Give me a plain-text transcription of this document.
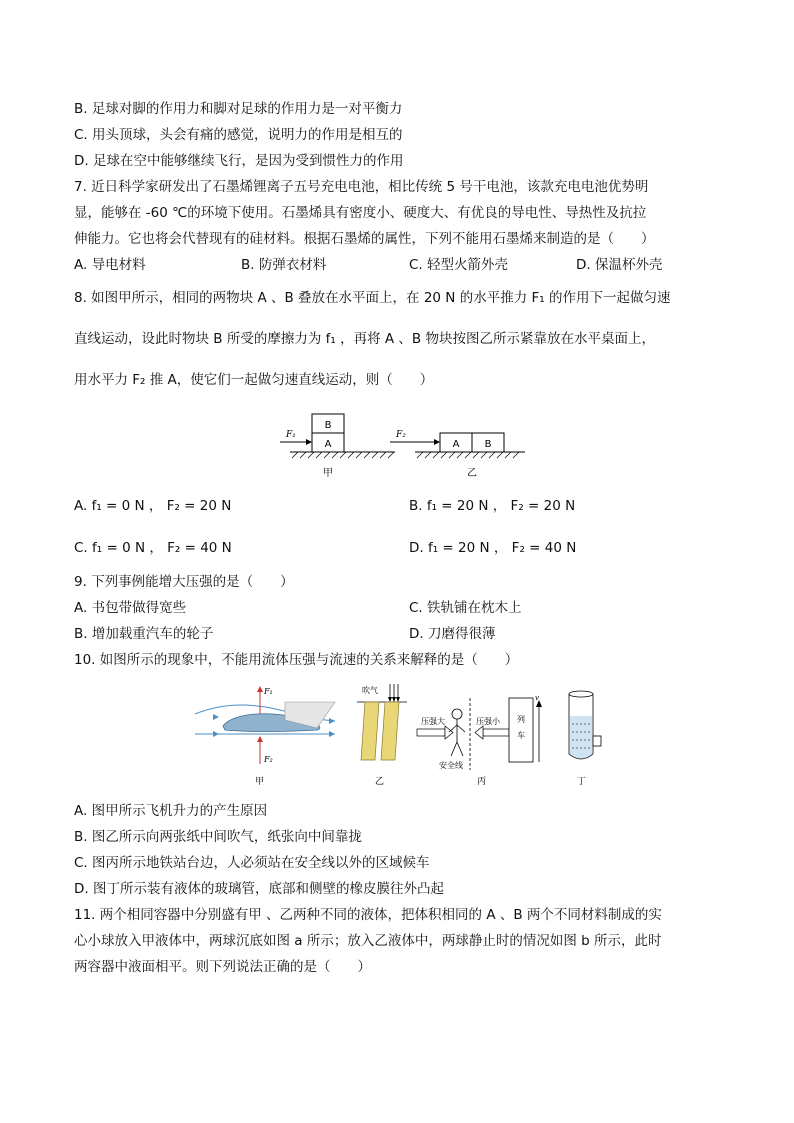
B. 足球对脚的作用力和脚对足球的作用力是一对平衡力
C. 用头顶球，头会有痛的感觉，说明力的作用是相互的
D. 足球在空中能够继续飞行，是因为受到惯性力的作用
7. 近日科学家研发出了石墨烯锂离子五号充电电池，相比传统 5 号干电池，该款充电电池优势明
显，能够在 -60 ℃的环境下使用。石墨烯具有密度小、硬度大、有优良的导电性、导热性及抗拉
伸能力。它也将会代替现有的硅材料。根据石墨烯的属性，下列不能用石墨烯来制造的是（　　）
A. 导电材料	B. 防弹衣材料	C. 轻型火箭外壳	D. 保温杯外壳
8. 如图甲所示，相同的两物块 A 、B 叠放在水平面上，在 20 N 的水平推力 F₁ 的作用下一起做匀速
直线运动，设此时物块 B 所受的摩擦力为 f₁ ，再将 A 、B 物块按图乙所示紧靠放在水平桌面上，
用水平力 F₂ 推 A，使它们一起做匀速直线运动，则（　　）
B
A
F₁
甲
A	B
F₂
乙
A. f₁ = 0 N ， F₂ = 20 N	B. f₁ = 20 N ， F₂ = 20 N
C. f₁ = 0 N ， F₂ = 40 N	D. f₁ = 20 N ， F₂ = 40 N
9. 下列事例能增大压强的是（　　）
A. 书包带做得宽些	C. 铁轨铺在枕木上
B. 增加载重汽车的轮子	D. 刀磨得很薄
10. 如图所示的现象中，不能用流体压强与流速的关系来解释的是（　　）
F₁
F₂
甲
吹气
乙
压强大
安全线
压强小 列
车
v
丙	丁
A. 图甲所示飞机升力的产生原因
B. 图乙所示向两张纸中间吹气，纸张向中间靠拢
C. 图丙所示地铁站台边，人必须站在安全线以外的区域候车
D. 图丁所示装有液体的玻璃管，底部和侧壁的橡皮膜往外凸起
11. 两个相同容器中分别盛有甲 、乙两种不同的液体，把体积相同的 A 、B 两个不同材料制成的实
心小球放入甲液体中，两球沉底如图 a 所示；放入乙液体中，两球静止时的情况如图 b 所示，此时
两容器中液面相平。则下列说法正确的是（　　）
